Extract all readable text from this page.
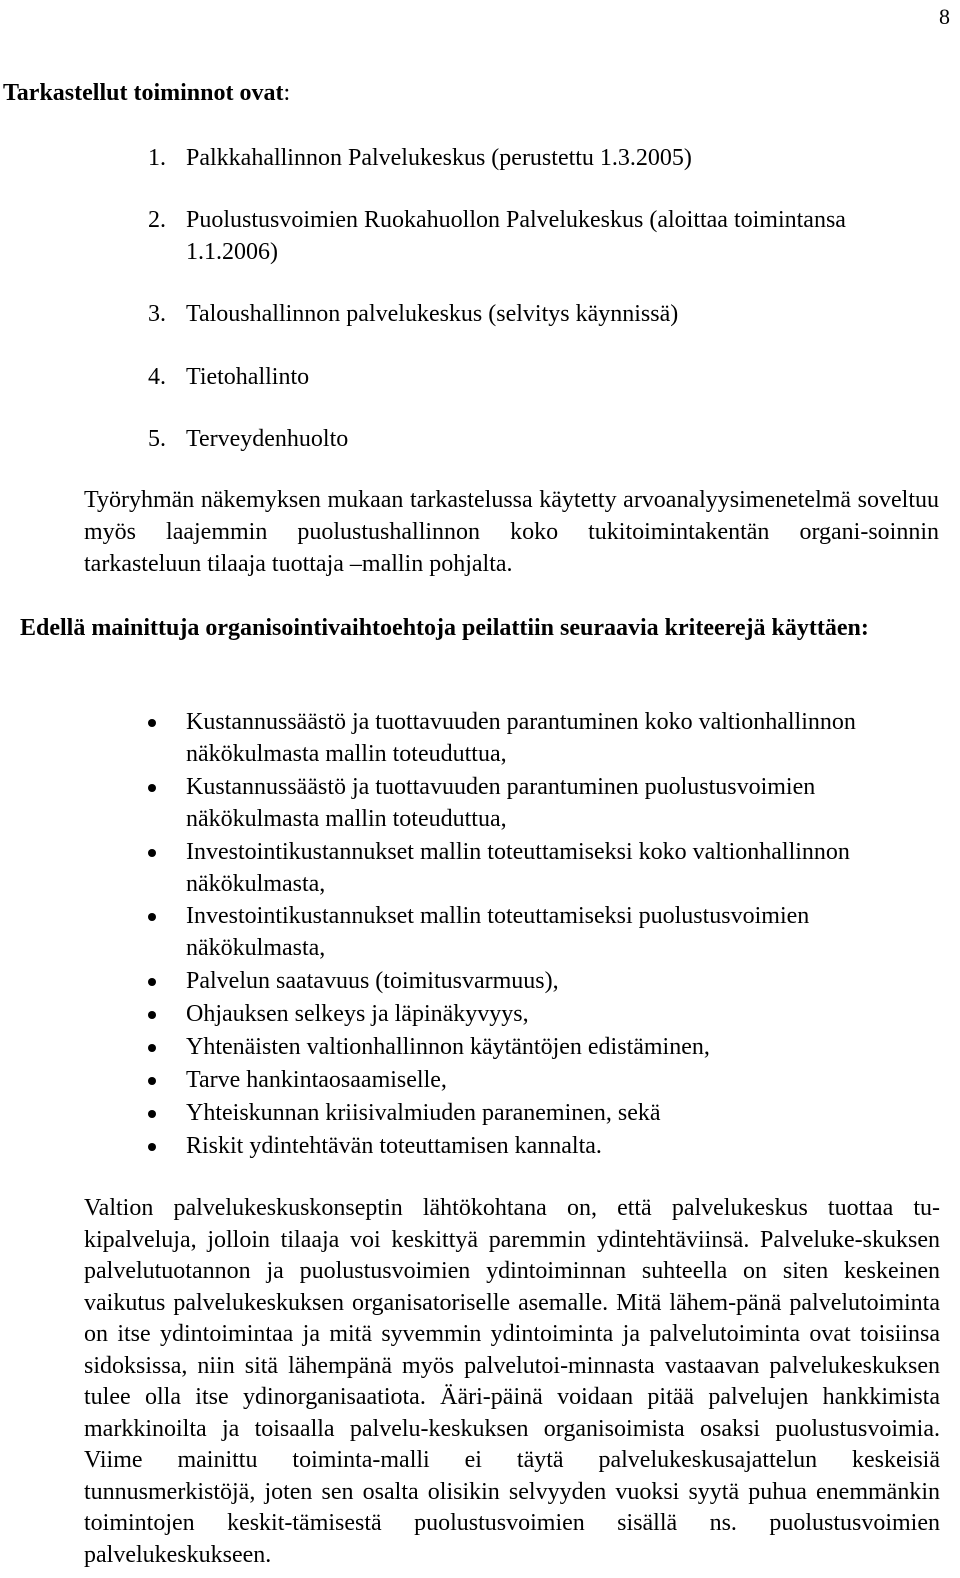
8
Tarkastellut toiminnot ovat:
1. Palkkahallinnon Palvelukeskus (perustettu 1.3.2005)
2. Puolustusvoimien Ruokahuollon Palvelukeskus (aloittaa toimintansa
1.1.2006)
3. Taloushallinnon palvelukeskus (selvitys käynnissä)
4. Tietohallinto
5. Terveydenhuolto
Työryhmän näkemyksen mukaan tarkastelussa käytetty arvoanalyysimenetelmä soveltuu myös laajemmin puolustushallinnon koko tukitoimintakentän organi-soinnin tarkasteluun tilaaja tuottaja –mallin pohjalta.
Edellä mainittuja organisointivaihtoehtoja peilattiin seuraavia kriteerejä käyttäen:
Kustannussäästö ja tuottavuuden parantuminen koko valtionhallinnon näkökulmasta mallin toteuduttua,
Kustannussäästö ja tuottavuuden parantuminen puolustusvoimien näkökulmasta mallin toteuduttua,
Investointikustannukset mallin toteuttamiseksi koko valtionhallinnon näkökulmasta,
Investointikustannukset mallin toteuttamiseksi puolustusvoimien näkökulmasta,
Palvelun saatavuus (toimitusvarmuus),
Ohjauksen selkeys ja läpinäkyvyys,
Yhtenäisten valtionhallinnon käytäntöjen edistäminen,
Tarve hankintaosaamiselle,
Yhteiskunnan kriisivalmiuden paraneminen, sekä
Riskit ydintehtävän toteuttamisen kannalta.
Valtion palvelukeskuskonseptin lähtökohtana on, että palvelukeskus tuottaa tu-kipalveluja, jolloin tilaaja voi keskittyä paremmin ydintehtäviinsä. Palveluke-skuksen palvelutuotannon ja puolustusvoimien ydintoiminnan suhteella on siten keskeinen vaikutus palvelukeskuksen organisatoriselle asemalle. Mitä lähem-pänä palvelutoiminta on itse ydintoimintaa ja mitä syvemmin ydintoiminta ja palvelutoiminta ovat toisiinsa sidoksissa, niin sitä lähempänä myös palvelutoi-minnasta vastaavan palvelukeskuksen tulee olla itse ydinorganisaatiota. Ääri-päinä voidaan pitää palvelujen hankkimista markkinoilta ja toisaalla palvelu-keskuksen organisoimista osaksi puolustusvoimia. Viime mainittu toiminta-malli ei täytä palvelukeskusajattelun keskeisiä tunnusmerkistöjä, joten sen osalta olisikin selvyyden vuoksi syytä puhua enemmänkin toimintojen keskit-tämisestä puolustusvoimien sisällä ns. puolustusvoimien palvelukeskukseen.
